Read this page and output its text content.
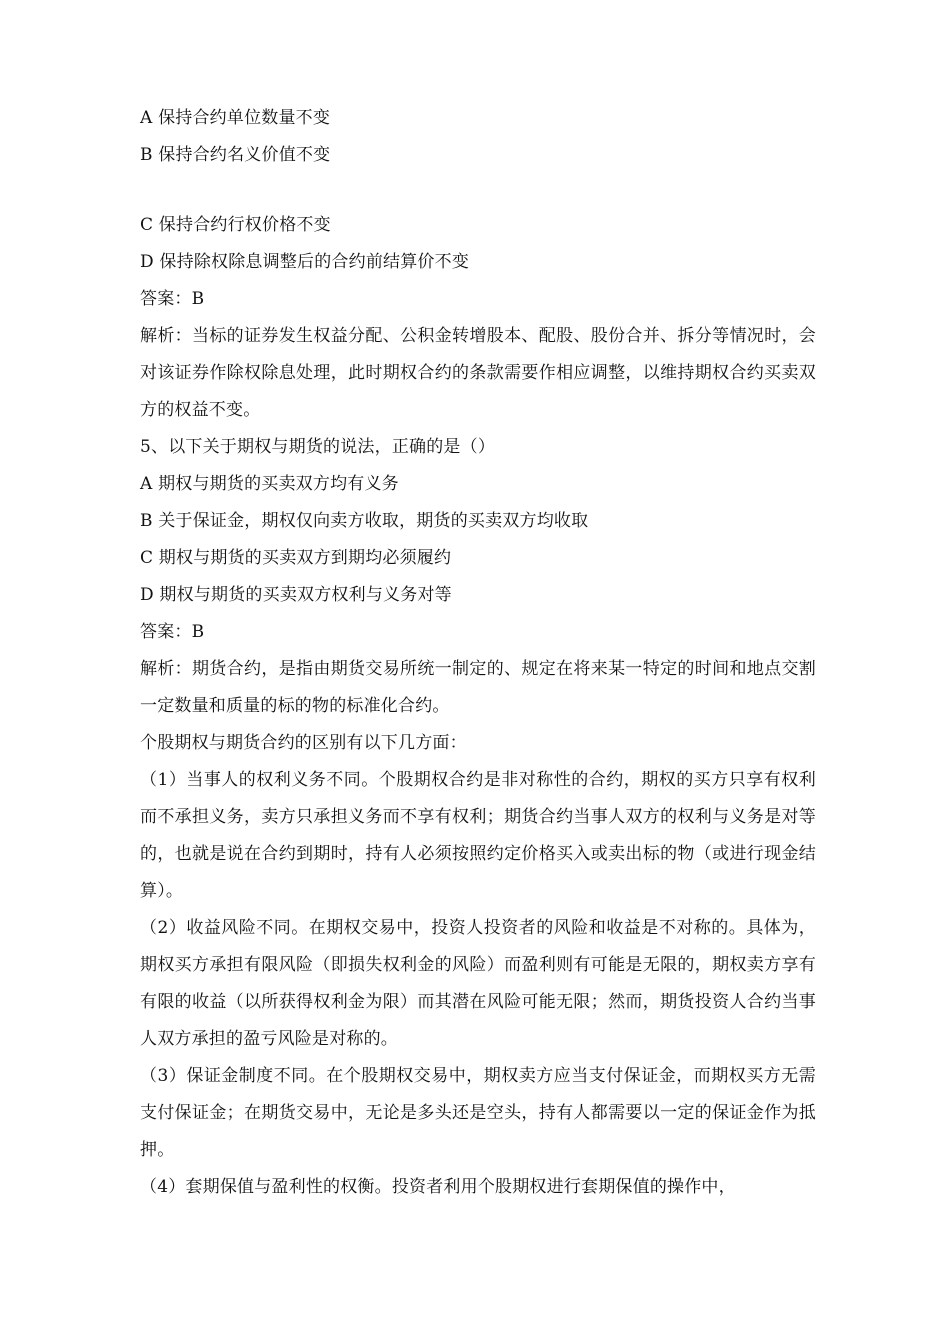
A 保持合约单位数量不变
B 保持合约名义价值不变
C 保持合约行权价格不变
D 保持除权除息调整后的合约前结算价不变
答案：B
解析：当标的证券发生权益分配、公积金转增股本、配股、股份合并、拆分等情况时，会对该证券作除权除息处理，此时期权合约的条款需要作相应调整，以维持期权合约买卖双方的权益不变。
5、以下关于期权与期货的说法，正确的是（）
A 期权与期货的买卖双方均有义务
B 关于保证金，期权仅向卖方收取，期货的买卖双方均收取
C 期权与期货的买卖双方到期均必须履约
D 期权与期货的买卖双方权利与义务对等
答案：B
解析：期货合约，是指由期货交易所统一制定的、规定在将来某一特定的时间和地点交割一定数量和质量的标的物的标准化合约。
个股期权与期货合约的区别有以下几方面：
（1）当事人的权利义务不同。个股期权合约是非对称性的合约，期权的买方只享有权利而不承担义务，卖方只承担义务而不享有权利；期货合约当事人双方的权利与义务是对等的，也就是说在合约到期时，持有人必须按照约定价格买入或卖出标的物（或进行现金结算）。
（2）收益风险不同。在期权交易中，投资人投资者的风险和收益是不对称的。具体为，期权买方承担有限风险（即损失权利金的风险）而盈利则有可能是无限的，期权卖方享有有限的收益（以所获得权利金为限）而其潜在风险可能无限；然而，期货投资人合约当事人双方承担的盈亏风险是对称的。
（3）保证金制度不同。在个股期权交易中，期权卖方应当支付保证金，而期权买方无需支付保证金；在期货交易中，无论是多头还是空头，持有人都需要以一定的保证金作为抵押。
（4）套期保值与盈利性的权衡。投资者利用个股期权进行套期保值的操作中，
